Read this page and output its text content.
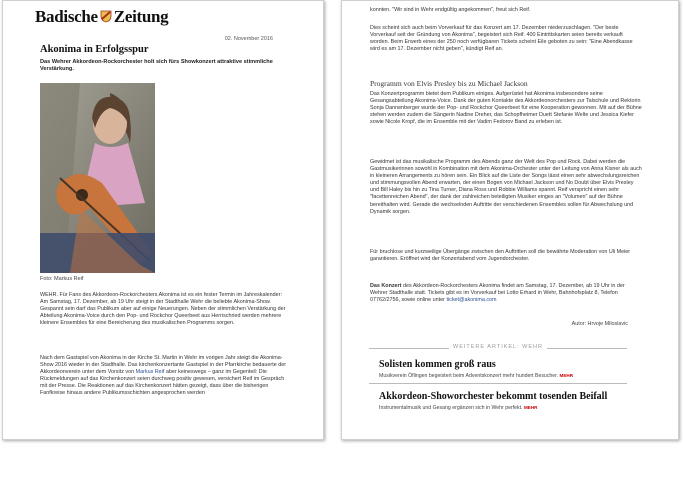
Badische Zeitung
02. November 2016
Akonima in Erfolgsspur
Das Wehrer Akkordeon-Rockorchester holt sich fürs Showkonzert attraktive stimmliche Verstärkung.
Foto: Markus Reif
WEHR. Für Fans des Akkordeon-Rockorchesters Akonima ist es ein fester Termin im Jahreskalender: Am Samstag, 17. Dezember, ab 19 Uhr steigt in der Stadthalle Wehr die beliebte Akonima-Show. Gespannt sein darf das Publikum aber auf einige Neuerungen. Neben der stimmlichen Verstärkung der Abteilung Akonima-Voice durch den Pop- und Rockchor Queerbeet aus Herrischried werden mehrere kleinere Ensembles für eine Bereicherung des musikalischen Programms sorgen.
Nach dem Gastspiel von Akonima in der Kirche St. Martin in Wehr im vorigen Jahr steigt die Akonima-Show 2016 wieder in der Stadthalle. Das kirchenkonzertante Gastspiel in der Pfarrkirche bedauerte der Akkordeonverein unter dem Vorsitz von Markus Reif aber keineswegs – ganz im Gegenteil: Die Rückmeldungen auf das Kirchenkonzert seien durchweg positiv gewesen, versichert Reif im Gespräch mit der Presse. Die Reaktionen auf das Kirchenkonzert hätten gezeigt, dass über die bisherigen Fanfkreise hinaus andere Publikumsschichten angesprochen werden
konnten. "Wir sind in Wehr endgültig angekommen", freut sich Reif.
Dies scheint sich auch beim Vorverkauf für das Konzert am 17. Dezember niederzuschlagen. "Der beste Vorverkauf seit der Gründung von Akonima", begeistert sich Reif. 400 Eintrittskarten seien bereits verkauft worden. Beim Erwerb eines der 250 noch verfügbaren Tickets scheint Eile geboten zu sein: "Eine Abendkasse wird es am 17. Dezember nicht geben", kündigt Reif an.
Programm von Elvis Presley bis zu Michael Jackson
Das Konzertprogramm bietet dem Publikum einiges. Aufgerüstet hat Akonima insbesondere seine Gesangsabteilung Akonima-Voice. Dank der guten Kontakte des Akkordeonorchesters zur Talschule und Rektorin Sonja Dannenberger wurde der Pop- und Rockchor Queerbeet für eine Kooperation gewonnen. Mit auf der Bühne stehen werden zudem die Sängerin Nadine Dreher, das Schopfheimer Duett Stefanie Welte und Jessica Kiefer sowie Nicole Kropf, die im Ensemble mit der Vadim Fedorov Band zu erleben ist.
Gewidmet ist das musikalische Programm des Abends ganz der Welt des Pop und Rock. Dabei werden die Gastmusikerinnen sowohl in Kombination mit dem Akonima-Orchester unter der Leitung von Anna Kisner als auch in kleineren Arrangements zu hören sein. Ein Blick auf die Liste der Songs lässt einen sehr abwechslungsreichen und stimmungsvollen Abend erwarten, der einen Bogen von Michael Jackson und No Doubt über Elvis Presley und Bill Haley bis hin zu Tina Turner, Diana Ross und Robbie Williams spannt. Reif verspricht einen sehr "facettenreichen Abend", der dank der zahlreichen beteiligten Musiker einges an "Volumen" auf der Bühne bereithalten wird. Gerade die wechselnden Auftritte der verschiedenen Ensembles sollen für Abwechslung und Dynamik sorgen.
Für bruchlose und kurzweilige Übergänge zwischen den Auftritten soll die bewährte Moderation von Uli Meier garantieren. Eröffnet wird der Konzertabend vom Jugendorchester.
Das Konzert des Akkordeon-Rockorchesters Akonima findet am Samstag, 17. Dezember, ab 19 Uhr in der Wehrer Stadthalle statt. Tickets gibt es im Vorverkauf bei Lotto Erhard in Wehr, Bahnhofsplatz 8, Telefon 07762/2756, sowie online unter ticket@akonima.com
Autor: Hrvoje Miloslavic
WEITERE ARTIKEL: WEHR
Solisten kommen groß raus
Musikverein Öflingen begeistert beim Adventskonzert mehr hundert Besucher. MEHR
Akkordeon-Showorchester bekommt tosenden Beifall
Instrumentalmusik und Gesang ergänzen sich in Wehr perfekt. MEHR
